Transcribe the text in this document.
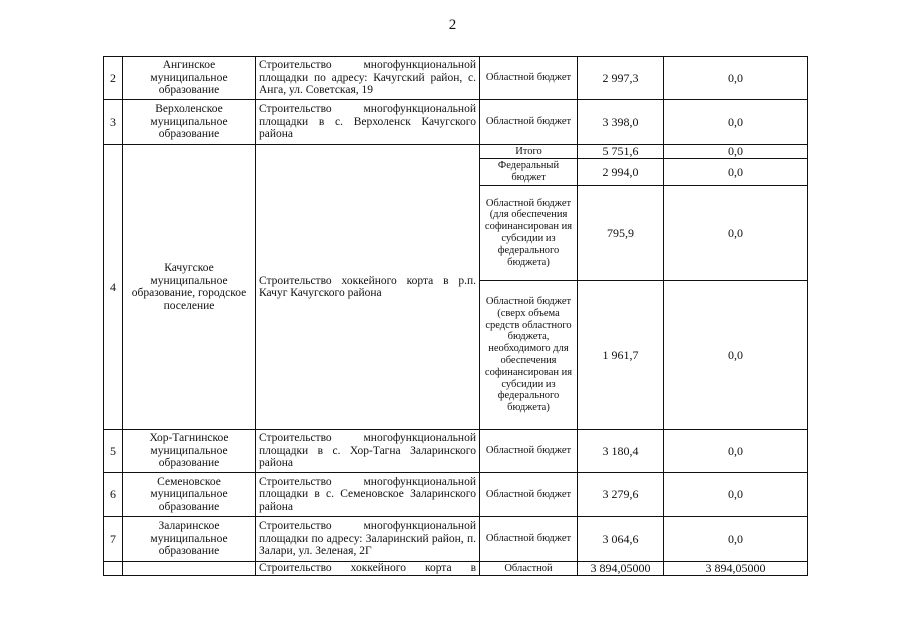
2
2	Ангинское муниципальное образование	Строительство многофункциональной площадки по адресу: Качугский район, с. Анга, ул. Советская, 19	Областной бюджет	2 997,3	0,0
3	Верхоленское муниципальное образование	Строительство многофункциональной площадки в с. Верхоленск Качугского района	Областной бюджет	3 398,0	0,0
4	Качугское муниципальное образование, городское поселение	Строительство хоккейного корта в р.п. Качуг Качугского района	Итого	5 751,6	0,0
			Федеральный бюджет	2 994,0	0,0
			Областной бюджет (для обеспечения софинансирован ия субсидии из федерального бюджета)	795,9	0,0
			Областной бюджет (сверх объема средств областного бюджета, необходимого для обеспечения софинансирован ия субсидии из федерального бюджета)	1 961,7	0,0
5	Хор-Тагнинское муниципальное образование	Строительство многофункциональной площадки в с. Хор-Тагна Заларинского района	Областной бюджет	3 180,4	0,0
6	Семеновское муниципальное образование	Строительство многофункциональной площадки в с. Семеновское Заларинского района	Областной бюджет	3 279,6	0,0
7	Заларинское муниципальное образование	Строительство многофункциональной площадки по адресу: Заларинский район, п. Залари, ул. Зеленая, 2Г	Областной бюджет	3 064,6	0,0

		Строительство хоккейного корта в	Областной	3 894,05000	3 894,05000
